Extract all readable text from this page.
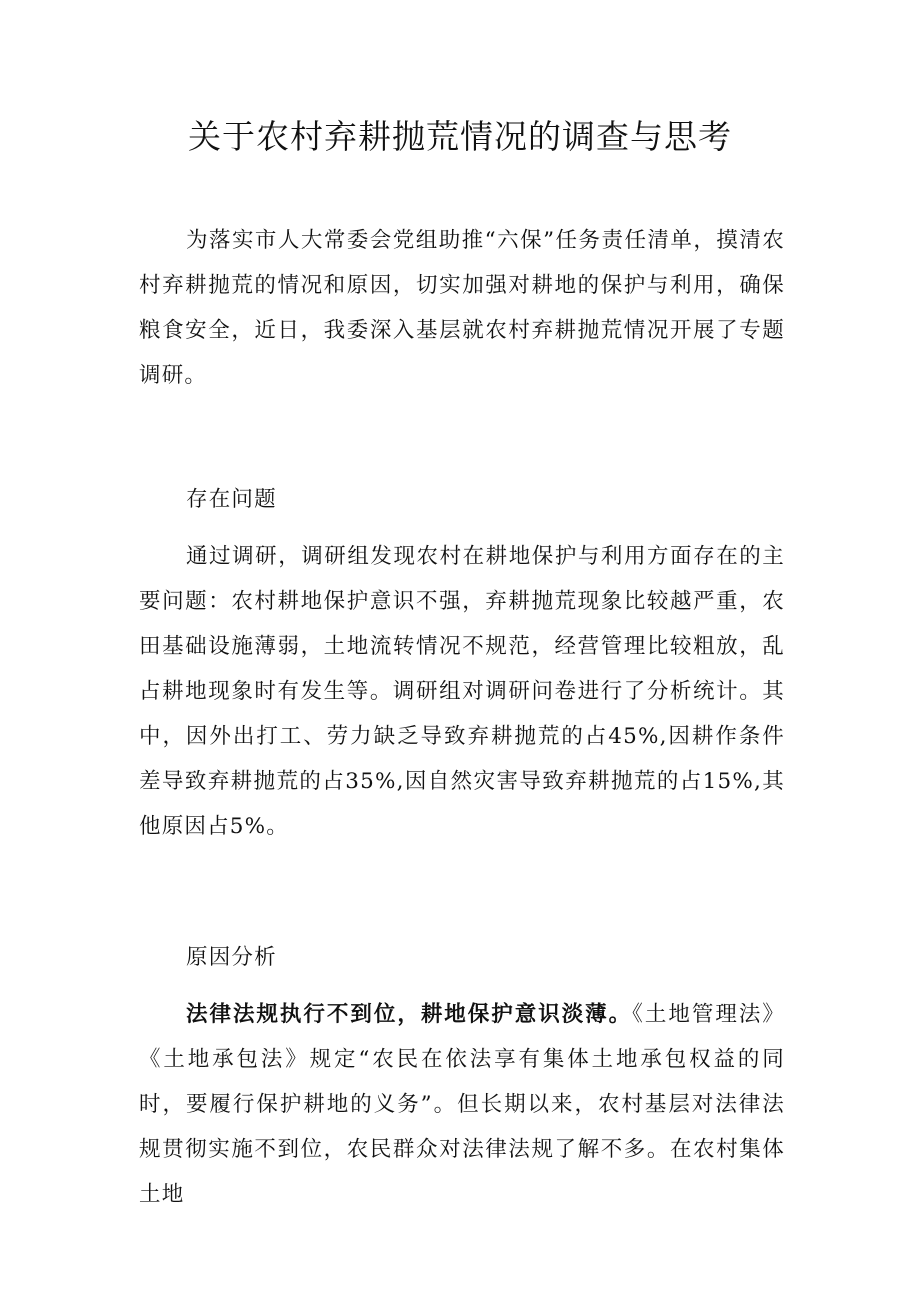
关于农村弃耕抛荒情况的调查与思考

为落实市人大常委会党组助推“六保”任务责任清单，摸清农村弃耕抛荒的情况和原因，切实加强对耕地的保护与利用，确保粮食安全，近日，我委深入基层就农村弃耕抛荒情况开展了专题调研。

存在问题

通过调研，调研组发现农村在耕地保护与利用方面存在的主要问题：农村耕地保护意识不强，弃耕抛荒现象比较越严重，农田基础设施薄弱，土地流转情况不规范，经营管理比较粗放，乱占耕地现象时有发生等。调研组对调研问卷进行了分析统计。其中，因外出打工、劳力缺乏导致弃耕抛荒的占45%,因耕作条件差导致弃耕抛荒的占35%,因自然灾害导致弃耕抛荒的占15%,其他原因占5%。

原因分析

法律法规执行不到位，耕地保护意识淡薄。《土地管理法》《土地承包法》规定“农民在依法享有集体土地承包权益的同时，要履行保护耕地的义务”。但长期以来，农村基层对法律法规贯彻实施不到位，农民群众对法律法规了解不多。在农村集体土地
